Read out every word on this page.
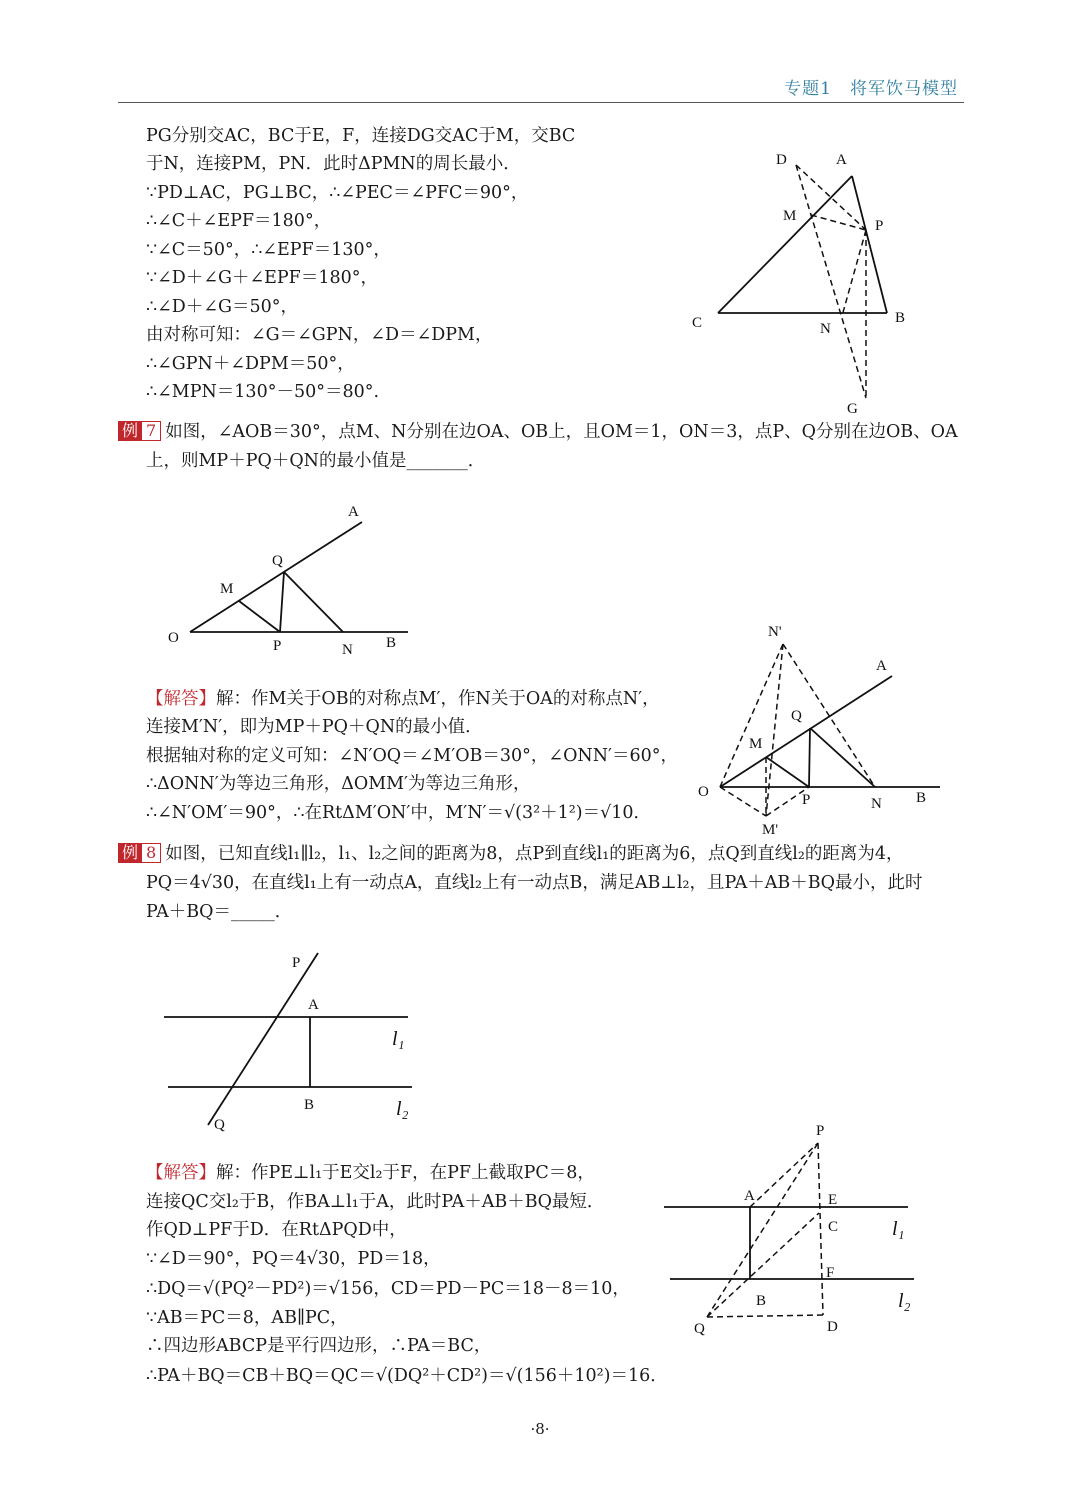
专题1　将军饮马模型
PG分别交AC，BC于E，F，连接DG交AC于M，交BC
于N，连接PM，PN．此时ΔPMN的周长最小．
∵PD⊥AC，PG⊥BC，∴∠PEC＝∠PFC＝90°，
∴∠C＋∠EPF＝180°，
∵∠C＝50°，∴∠EPF＝130°，
∵∠D＋∠G＋∠EPF＝180°，
∴∠D＋∠G＝50°，
由对称可知：∠G＝∠GPN，∠D＝∠DPM，
∴∠GPN＋∠DPM＝50°，
∴∠MPN＝130°－50°＝80°.
D	A
M
P
C	N
B
G
例 7 如图，∠AOB＝30°，点M、N分别在边OA、OB上，且OM＝1，ON＝3，点P、Q分别在边OB、OA
上，则MP＋PQ＋QN的最小值是_______．
A
Q
M
O	P	N B
【解答】解：作M关于OB的对称点M′，作N关于OA的对称点N′，
连接M′N′，即为MP＋PQ＋QN的最小值．
根据轴对称的定义可知：∠N′OQ＝∠M′OB＝30°，∠ONN′＝60°，
∴ΔONN′为等边三角形，ΔOMM′为等边三角形，
∴∠N′OM′＝90°，∴在RtΔM′ON′中，M′N′＝√(3²＋1²)＝√10．
N'
A
Q
M
O	P	N B
M'
例 8 如图，已知直线l₁∥l₂，l₁、l₂之间的距离为8，点P到直线l₁的距离为6，点Q到直线l₂的距离为4，
PQ＝4√30，在直线l₁上有一动点A，直线l₂上有一动点B，满足AB⊥l₂，且PA＋AB＋BQ最小，此时
PA＋BQ＝_____．
P
A
l₁
B	l₂
Q
【解答】解：作PE⊥l₁于E交l₂于F，在PF上截取PC＝8，
连接QC交l₂于B，作BA⊥l₁于A，此时PA＋AB＋BQ最短．
作QD⊥PF于D．在RtΔPQD中，
∵∠D＝90°，PQ＝4√30，PD＝18，
∴DQ＝√(PQ²－PD²)＝√156，CD＝PD－PC＝18－8＝10，
∵AB＝PC＝8，AB∥PC，
∴四边形ABCP是平行四边形，∴PA＝BC，
∴PA＋BQ＝CB＋BQ＝QC＝√(DQ²＋CD²)＝√(156＋10²)＝16．
P
A	E
C	l₁
F
B	l₂
Q	D
·8·
